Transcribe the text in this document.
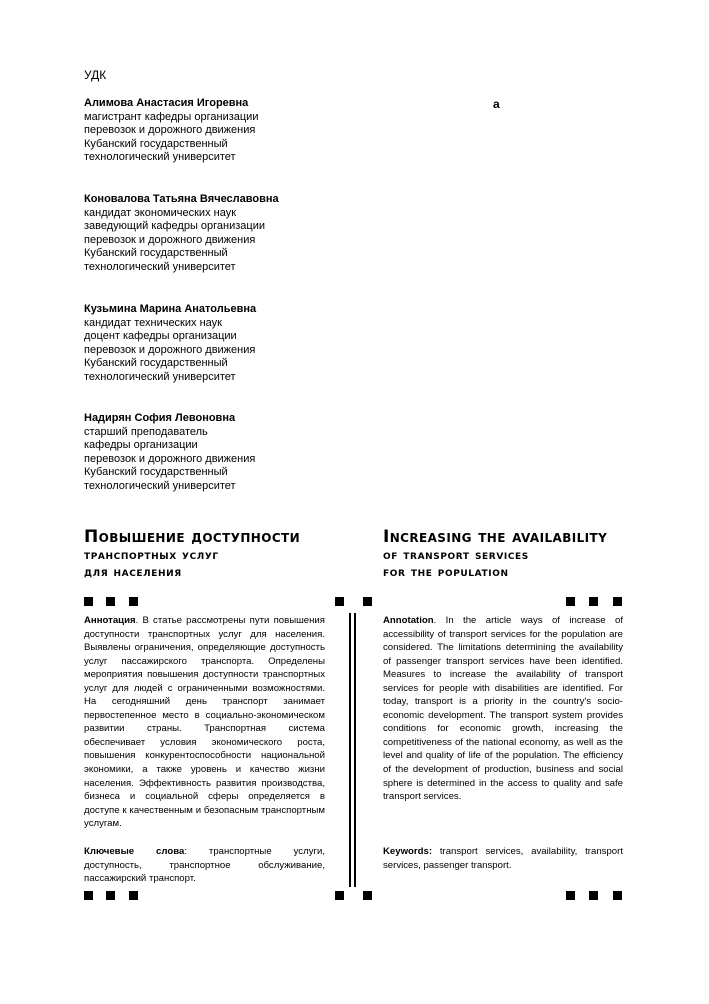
УДК
а
Алимова Анастасия Игоревна
магистрант кафедры организации
перевозок и дорожного движения
Кубанский государственный
технологический университет
Коновалова Татьяна Вячеславовна
кандидат экономических наук
заведующий кафедры организации
перевозок и дорожного движения
Кубанский государственный
технологический университет
Кузьмина Марина Анатольевна
кандидат технических наук
доцент кафедры организации
перевозок и дорожного движения
Кубанский государственный
технологический университет
Надирян София Левоновна
старший преподаватель
кафедры организации
перевозок и дорожного движения
Кубанский государственный
технологический университет
Повышение доступности
транспортных услуг
для населения
Increasing the availability
of transport services
for the population
Аннотация. В статье рассмотрены пути повышения доступности транспортных услуг для населения. Выявлены ограничения, определяющие доступность услуг пассажирского транспорта. Определены мероприятия повышения доступности транспортных услуг для людей с ограниченными возможностями. На сегодняшний день транспорт занимает первостепенное место в социально-экономическом развитии страны. Транспортная система обеспечивает условия экономического роста, повышения конкурентоспособности национальной экономики, а также уровень и качество жизни населения. Эффективность развития производства, бизнеса и социальной сферы определяется в доступе к качественным и безопасным транспортным услугам.
Ключевые слова: транспортные услуги, доступность, транспортное обслуживание, пассажирский транспорт.
Annotation. In the article ways of increase of accessibility of transport services for the population are considered. The limitations determining the availability of passenger transport services have been identified. Measures to increase the availability of transport services for people with disabilities are identified. For today, transport is a priority in the country's socio-economic development. The transport system provides conditions for economic growth, increasing the competitiveness of the national economy, as well as the level and quality of life of the population. The efficiency of the development of production, business and social sphere is determined in the access to quality and safe transport services.
Keywords: transport services, availability, transport services, passenger transport.
